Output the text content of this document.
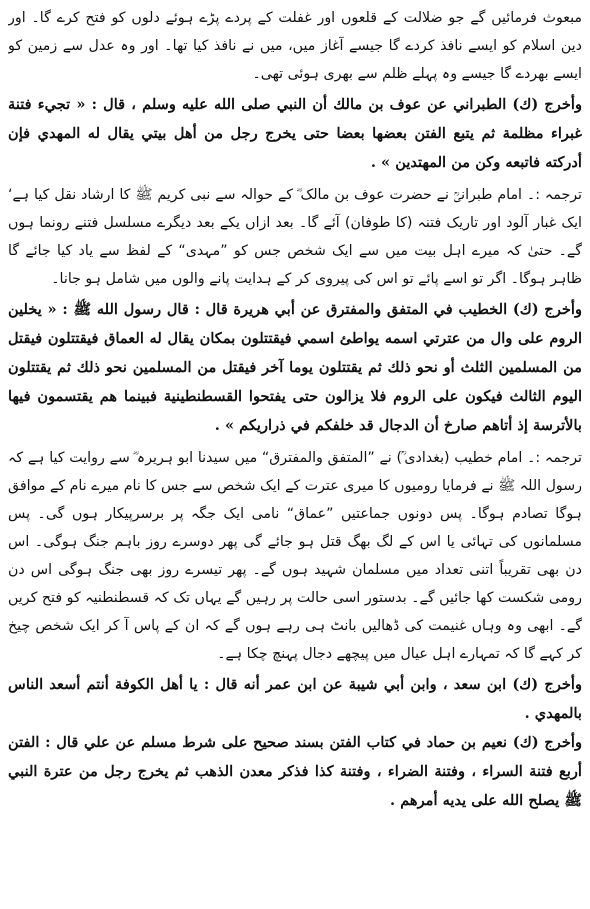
مبعوث فرمائیں گے جو ضلالت کے قلعوں اور غفلت کے پردے پڑے ہوئے دلوں کو فتح کرے گا۔ اور دین اسلام کو ایسے نافذ کردے گا جیسے آغاز میں، میں نے نافذ کیا تھا۔ اور وہ عدل سے زمین کو ایسے بھردے گا جیسے وہ پہلے ظلم سے بھری ہوئی تھی۔

وأخرج (ك) الطبراني عن عوف بن مالك أن النبي صلى الله عليه وسلم ، قال : « تجيء فتنة غبراء مظلمة ثم يتبع الفتن بعضها بعضا حتى يخرج رجل من أهل بيتي يقال له المهدي فإن أدركته فاتبعه وكن من المهتدين » .

ترجمہ :۔ امام طبرانیؒ نے حضرت عوف بن مالک ؓ کے حوالہ سے نبی کریم ﷺ کا ارشاد نقل کیا ہے‘ ایک غبار آلود اور تاریک فتنہ (کا طوفان) آئے گا۔ بعد ازاں یکے بعد دیگرے مسلسل فتنے رونما ہوں گے۔ حتیٰ کہ میرے اہل بیت میں سے ایک شخص جس کو ”مہدی“ کے لفظ سے یاد کیا جائے گا ظاہر ہوگا۔ اگر تو اسے پائے تو اس کی پیروی کر کے ہدایت پانے والوں میں شامل ہو جانا۔

وأخرج (ك) الخطيب في المتفق والمفترق عن أبي هريرة قال : قال رسول الله ﷺ : « يخلين الروم على وال من عترتي اسمه يواطئ اسمي فيقتتلون بمكان يقال له العماق فيقتتلون فيقتل من المسلمين الثلث أو نحو ذلك ثم يقتتلون يوما آخر فيقتل من المسلمين نحو ذلك ثم يقتتلون اليوم الثالث فيكون على الروم فلا يزالون حتى يفتحوا القسطنطينية فبينما هم يقتسمون فيها بالأترسة إذ أتاهم صارخ أن الدجال قد خلفكم في ذراريكم » .

ترجمہ :۔ امام خطیب (بغدادی ؒ) نے ”المتفق والمفترق“ میں سیدنا ابو ہریرہ ؓ سے روایت کیا ہے کہ رسول اللہ ﷺ نے فرمایا رومیوں کا میری عترت کے ایک شخص سے جس کا نام میرے نام کے موافق ہوگا تصادم ہوگا۔ پس دونوں جماعتیں ”عماق“ نامی ایک جگہ پر برسرپیکار ہوں گی۔ پس مسلمانوں کی تہائی یا اس کے لگ بھگ قتل ہو جائے گی پھر دوسرے روز باہم جنگ ہوگی۔ اس دن بھی تقریباً اتنی تعداد میں مسلمان شہید ہوں گے۔ پھر تیسرے روز بھی جنگ ہوگی اس دن رومی شکست کھا جائیں گے۔ بدستور اسی حالت پر رہیں گے یہاں تک کہ قسطنطنیہ کو فتح کریں گے۔ ابھی وہ وہاں غنیمت کی ڈھالیں بانٹ ہی رہے ہوں گے کہ ان کے پاس آ کر ایک شخص چیخ کر کہے گا کہ تمہارے اہل عیال میں پیچھے دجال پہنچ چکا ہے۔

وأخرج (ك) ابن سعد ، وابن أبي شيبة عن ابن عمر أنه قال : يا أهل الكوفة أنتم أسعد الناس بالمهدي .

وأخرج (ك) نعيم بن حماد في كتاب الفتن بسند صحيح على شرط مسلم عن علي قال : الفتن أربع فتنة السراء ، وفتنة الضراء ، وفتنة كذا فذكر معدن الذهب ثم يخرج رجل من عترة النبي ﷺ يصلح الله على يديه أمرهم .
